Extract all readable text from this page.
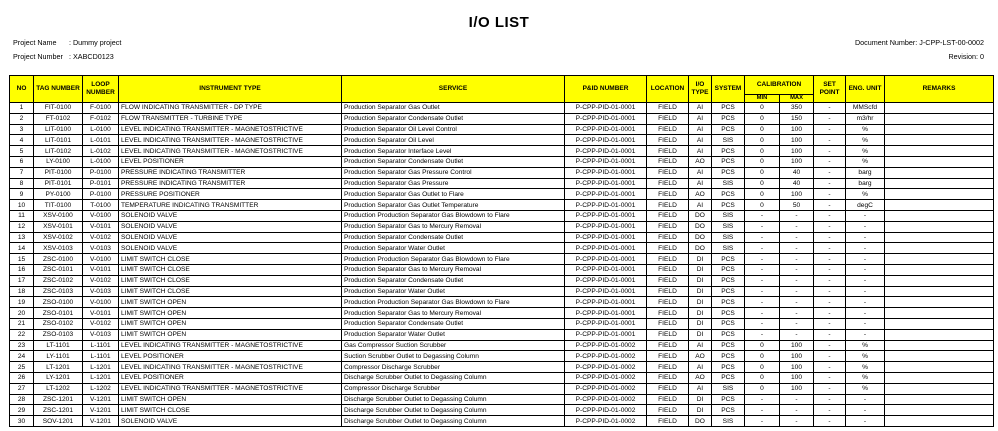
I/O LIST
Project Name : Dummy project
Project Number : XABCD0123
Document Number: J-CPP-LST-00-0002
Revision: 0
NO	TAG NUMBER	LOOP NUMBER	INSTRUMENT TYPE	SERVICE	P&ID NUMBER	LOCATION	I/O TYPE	SYSTEM	CALIBRATION		SET POINT	ENG. UNIT	REMARKS
									MIN	MAX			
1	FIT-0100	F-0100	FLOW INDICATING TRANSMITTER - DP TYPE	Production Separator Gas Outlet	P-CPP-PID-01-0001	FIELD	AI	PCS	0	350	-	MMScfd	
2	FT-0102	F-0102	FLOW TRANSMITTER - TURBINE TYPE	Production Separator Condensate Outlet	P-CPP-PID-01-0001	FIELD	AI	PCS	0	150	-	m3/hr	
3	LIT-0100	L-0100	LEVEL INDICATING TRANSMITTER - MAGNETOSTRICTIVE	Production Separator Oil Level Control	P-CPP-PID-01-0001	FIELD	AI	PCS	0	100	-	%	
4	LIT-0101	L-0101	LEVEL INDICATING TRANSMITTER - MAGNETOSTRICTIVE	Production Separator Oil Level	P-CPP-PID-01-0001	FIELD	AI	SIS	0	100	-	%	
5	LIT-0102	L-0102	LEVEL INDICATING TRANSMITTER - MAGNETOSTRICTIVE	Production Separator Interface Level	P-CPP-PID-01-0001	FIELD	AI	PCS	0	100	-	%	
6	LY-0100	L-0100	LEVEL POSITIONER	Production Separator Condensate Outlet	P-CPP-PID-01-0001	FIELD	AO	PCS	0	100	-	%	
7	PIT-0100	P-0100	PRESSURE INDICATING TRANSMITTER	Production Separator Gas Pressure Control	P-CPP-PID-01-0001	FIELD	AI	PCS	0	40	-	barg	
8	PIT-0101	P-0101	PRESSURE INDICATING TRANSMITTER	Production Separator Gas Pressure	P-CPP-PID-01-0001	FIELD	AI	SIS	0	40	-	barg	
9	PY-0100	P-0100	PRESSURE POSITIONER	Production Separator Gas Outlet to Flare	P-CPP-PID-01-0001	FIELD	AO	PCS	0	100	-	%	
10	TIT-0100	T-0100	TEMPERATURE INDICATING TRANSMITTER	Production Separator Gas Outlet Temperature	P-CPP-PID-01-0001	FIELD	AI	PCS	0	50	-	degC	
11	XSV-0100	V-0100	SOLENOID VALVE	Production Production Separator Gas Blowdown to Flare	P-CPP-PID-01-0001	FIELD	DO	SIS	-	-	-	-	
12	XSV-0101	V-0101	SOLENOID VALVE	Production Separator Gas to Mercury Removal	P-CPP-PID-01-0001	FIELD	DO	SIS	-	-	-	-	
13	XSV-0102	V-0102	SOLENOID VALVE	Production Separator Condensate Outlet	P-CPP-PID-01-0001	FIELD	DO	SIS	-	-	-	-	
14	XSV-0103	V-0103	SOLENOID VALVE	Production Separator Water Outlet	P-CPP-PID-01-0001	FIELD	DO	SIS	-	-	-	-	
15	ZSC-0100	V-0100	LIMIT SWITCH CLOSE	Production Production Separator Gas Blowdown to Flare	P-CPP-PID-01-0001	FIELD	DI	PCS	-	-	-	-	
16	ZSC-0101	V-0101	LIMIT SWITCH CLOSE	Production Separator Gas to Mercury Removal	P-CPP-PID-01-0001	FIELD	DI	PCS	-	-	-	-	
17	ZSC-0102	V-0102	LIMIT SWITCH CLOSE	Production Separator Condensate Outlet	P-CPP-PID-01-0001	FIELD	DI	PCS	-	-	-	-	
18	ZSC-0103	V-0103	LIMIT SWITCH CLOSE	Production Separator Water Outlet	P-CPP-PID-01-0001	FIELD	DI	PCS	-	-	-	-	
19	ZSO-0100	V-0100	LIMIT SWITCH OPEN	Production Production Separator Gas Blowdown to Flare	P-CPP-PID-01-0001	FIELD	DI	PCS	-	-	-	-	
20	ZSO-0101	V-0101	LIMIT SWITCH OPEN	Production Separator Gas to Mercury Removal	P-CPP-PID-01-0001	FIELD	DI	PCS	-	-	-	-	
21	ZSO-0102	V-0102	LIMIT SWITCH OPEN	Production Separator Condensate Outlet	P-CPP-PID-01-0001	FIELD	DI	PCS	-	-	-	-	
22	ZSO-0103	V-0103	LIMIT SWITCH OPEN	Production Separator Water Outlet	P-CPP-PID-01-0001	FIELD	DI	PCS	-	-	-	-	
23	LT-1101	L-1101	LEVEL INDICATING TRANSMITTER - MAGNETOSTRICTIVE	Gas Compressor Suction Scrubber	P-CPP-PID-01-0002	FIELD	AI	PCS	0	100	-	%	
24	LY-1101	L-1101	LEVEL POSITIONER	Suction Scrubber Outlet to Degassing Column	P-CPP-PID-01-0002	FIELD	AO	PCS	0	100	-	%	
25	LT-1201	L-1201	LEVEL INDICATING TRANSMITTER - MAGNETOSTRICTIVE	Compressor Discharge Scrubber	P-CPP-PID-01-0002	FIELD	AI	PCS	0	100	-	%	
26	LY-1201	L-1201	LEVEL POSITIONER	Discharge Scrubber Outlet to Degassing Column	P-CPP-PID-01-0002	FIELD	AO	PCS	0	100	-	%	
27	LT-1202	L-1202	LEVEL INDICATING TRANSMITTER - MAGNETOSTRICTIVE	Compressor Discharge Scrubber	P-CPP-PID-01-0002	FIELD	AI	SIS	0	100	-	%	
28	ZSC-1201	V-1201	LIMIT SWITCH OPEN	Discharge Scrubber Outlet to Degassing Column	P-CPP-PID-01-0002	FIELD	DI	PCS	-	-	-	-	
29	ZSC-1201	V-1201	LIMIT SWITCH CLOSE	Discharge Scrubber Outlet to Degassing Column	P-CPP-PID-01-0002	FIELD	DI	PCS	-	-	-	-	
30	SOV-1201	V-1201	SOLENOID VALVE	Discharge Scrubber Outlet to Degassing Column	P-CPP-PID-01-0002	FIELD	DO	SIS	-	-	-	-	
